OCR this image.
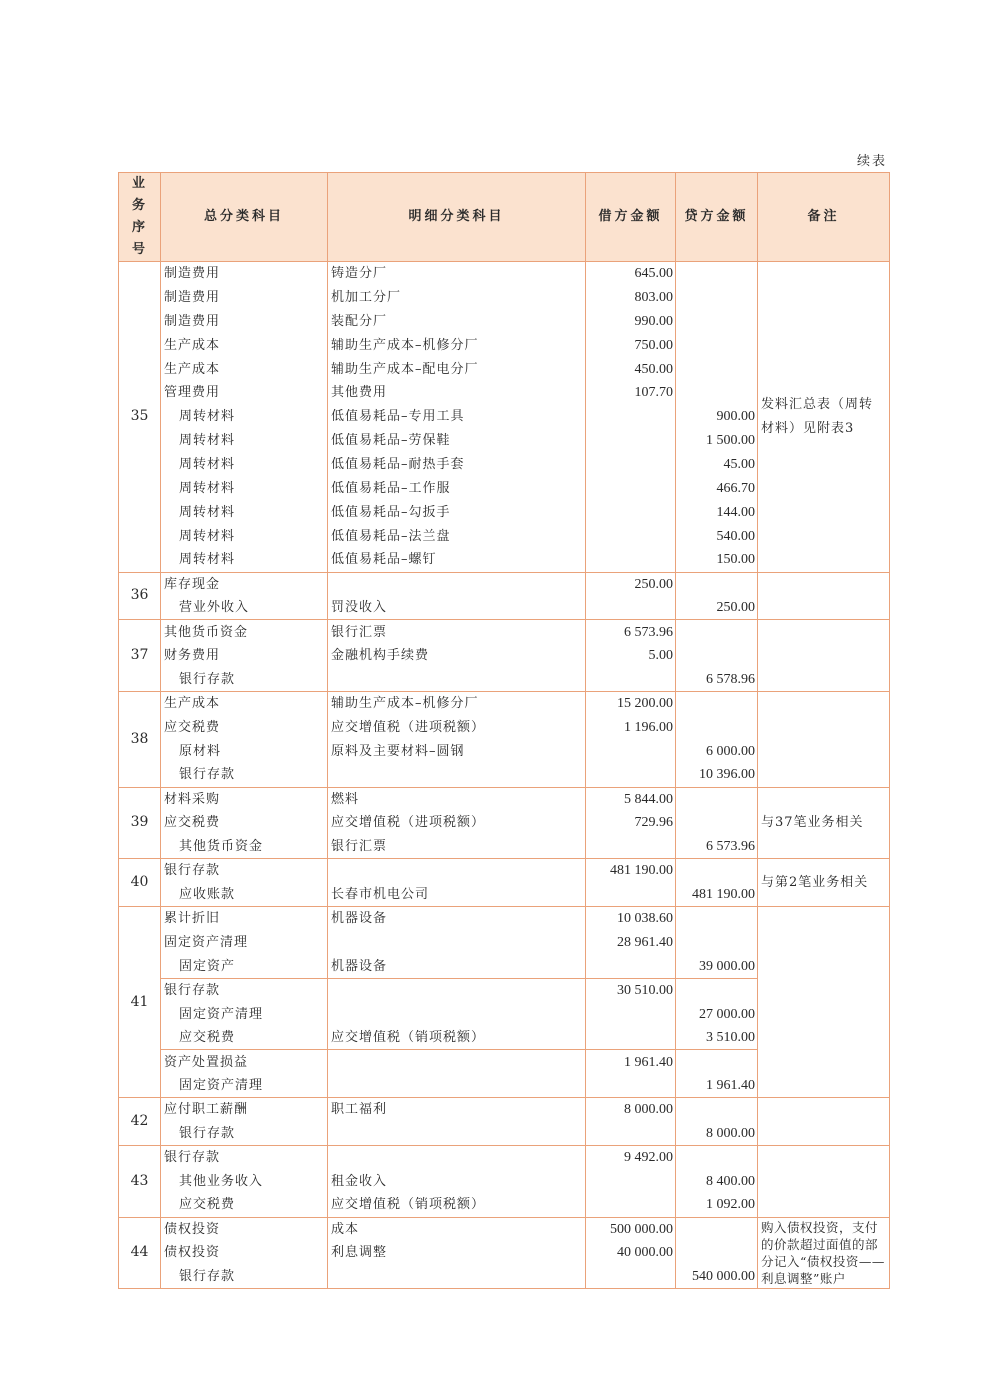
续表
业务序号	总分类科目	明细分类科目	借方金额	贷方金额	备注
35	制造费用	铸造分厂	645.00		发料汇总表（周转材料）见附表3
	制造费用	机加工分厂	803.00		
	制造费用	装配分厂	990.00		
	生产成本	辅助生产成本–机修分厂	750.00		
	生产成本	辅助生产成本–配电分厂	450.00		
	管理费用	其他费用	107.70		
	周转材料	低值易耗品–专用工具		900.00	
	周转材料	低值易耗品–劳保鞋		1 500.00	
	周转材料	低值易耗品–耐热手套		45.00	
	周转材料	低值易耗品–工作服		466.70	
	周转材料	低值易耗品–勾扳手		144.00	
	周转材料	低值易耗品–法兰盘		540.00	
	周转材料	低值易耗品–螺钉		150.00	
36	库存现金		250.00		
	营业外收入	罚没收入		250.00	
37	其他货币资金	银行汇票	6 573.96		
	财务费用	金融机构手续费	5.00		
	银行存款			6 578.96	
38	生产成本	辅助生产成本–机修分厂	15 200.00		
	应交税费	应交增值税（进项税额）	1 196.00		
	原材料	原料及主要材料–圆钢		6 000.00	
	银行存款			10 396.00	
39	材料采购	燃料	5 844.00		与37笔业务相关
	应交税费	应交增值税（进项税额）	729.96		
	其他货币资金	银行汇票		6 573.96	
40	银行存款		481 190.00		与第2笔业务相关
	应收账款	长春市机电公司		481 190.00	
41	累计折旧	机器设备	10 038.60		
	固定资产清理		28 961.40		
	固定资产	机器设备		39 000.00	
	银行存款		30 510.00		
	固定资产清理			27 000.00	
	应交税费	应交增值税（销项税额）		3 510.00	
	资产处置损益		1 961.40		
	固定资产清理			1 961.40	
42	应付职工薪酬	职工福利	8 000.00		
	银行存款			8 000.00	
43	银行存款		9 492.00		
	其他业务收入	租金收入		8 400.00	
	应交税费	应交增值税（销项税额）		1 092.00	
44	债权投资	成本	500 000.00		购入债权投资，支付的价款超过面值的部分记入“债权投资——利息调整”账户
	债权投资	利息调整	40 000.00		
	银行存款			540 000.00	
